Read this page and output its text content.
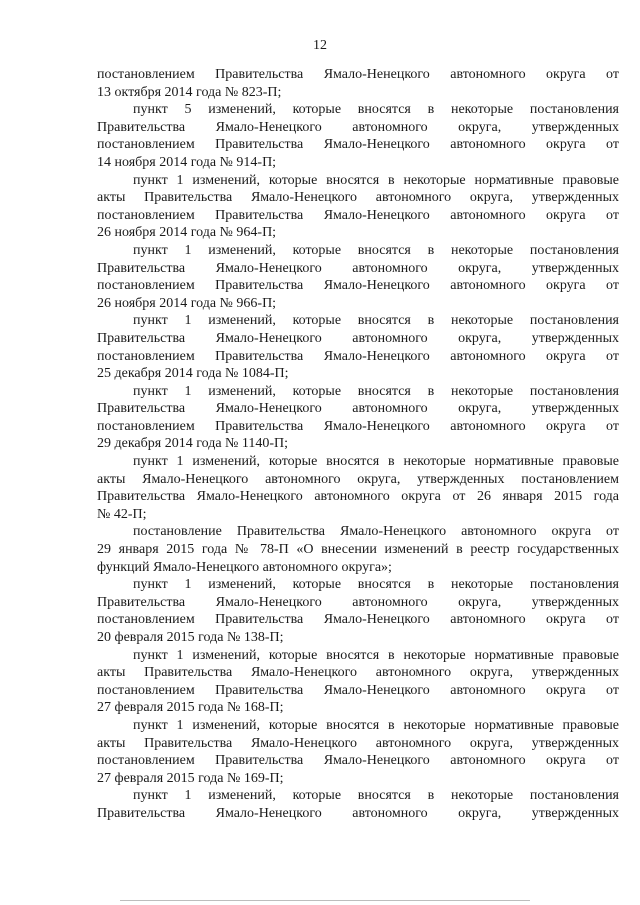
12
постановлением Правительства Ямало-Ненецкого автономного округа от
13 октября 2014 года № 823-П;
пункт 5 изменений, которые вносятся в некоторые постановления
Правительства Ямало-Ненецкого автономного округа, утвержденных
постановлением Правительства Ямало-Ненецкого автономного округа от
14 ноября 2014 года № 914-П;
пункт 1 изменений, которые вносятся в некоторые нормативные правовые
акты Правительства Ямало-Ненецкого автономного округа, утвержденных
постановлением Правительства Ямало-Ненецкого автономного округа от
26 ноября 2014 года № 964-П;
пункт 1 изменений, которые вносятся в некоторые постановления
Правительства Ямало-Ненецкого автономного округа, утвержденных
постановлением Правительства Ямало-Ненецкого автономного округа от
26 ноября 2014 года № 966-П;
пункт 1 изменений, которые вносятся в некоторые постановления
Правительства Ямало-Ненецкого автономного округа, утвержденных
постановлением Правительства Ямало-Ненецкого автономного округа от
25 декабря 2014 года № 1084-П;
пункт 1 изменений, которые вносятся в некоторые постановления
Правительства Ямало-Ненецкого автономного округа, утвержденных
постановлением Правительства Ямало-Ненецкого автономного округа от
29 декабря 2014 года № 1140-П;
пункт 1 изменений, которые вносятся в некоторые нормативные правовые
акты Ямало-Ненецкого автономного округа, утвержденных постановлением
Правительства Ямало-Ненецкого автономного округа от 26 января 2015 года
№ 42-П;
постановление Правительства Ямало-Ненецкого автономного округа от
29 января 2015 года № 78-П «О внесении изменений в реестр государственных
функций Ямало-Ненецкого автономного округа»;
пункт 1 изменений, которые вносятся в некоторые постановления
Правительства Ямало-Ненецкого автономного округа, утвержденных
постановлением Правительства Ямало-Ненецкого автономного округа от
20 февраля 2015 года № 138-П;
пункт 1 изменений, которые вносятся в некоторые нормативные правовые
акты Правительства Ямало-Ненецкого автономного округа, утвержденных
постановлением Правительства Ямало-Ненецкого автономного округа от
27 февраля 2015 года № 168-П;
пункт 1 изменений, которые вносятся в некоторые нормативные правовые
акты Правительства Ямало-Ненецкого автономного округа, утвержденных
постановлением Правительства Ямало-Ненецкого автономного округа от
27 февраля 2015 года № 169-П;
пункт 1 изменений, которые вносятся в некоторые постановления
Правительства Ямало-Ненецкого автономного округа, утвержденных
